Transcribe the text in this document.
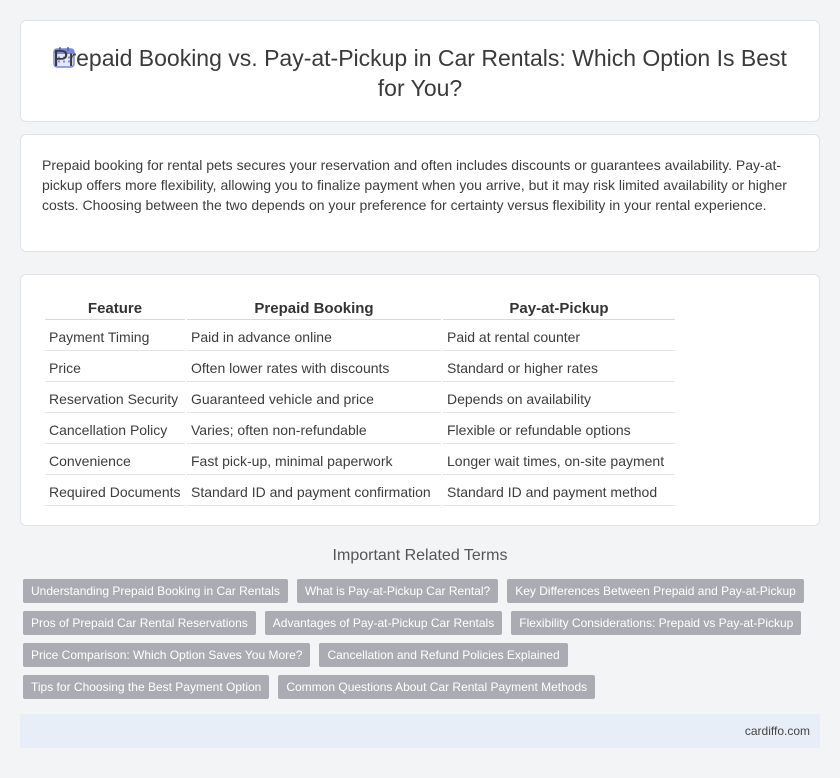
Prepaid Booking vs. Pay-at-Pickup in Car Rentals: Which Option Is Best for You?

Prepaid booking for rental pets secures your reservation and often includes discounts or guarantees availability. Pay-at-pickup offers more flexibility, allowing you to finalize payment when you arrive, but it may risk limited availability or higher costs. Choosing between the two depends on your preference for certainty versus flexibility in your rental experience.

Feature	Prepaid Booking	Pay-at-Pickup
Payment Timing	Paid in advance online	Paid at rental counter
Price	Often lower rates with discounts	Standard or higher rates
Reservation Security	Guaranteed vehicle and price	Depends on availability
Cancellation Policy	Varies; often non-refundable	Flexible or refundable options
Convenience	Fast pick-up, minimal paperwork	Longer wait times, on-site payment
Required Documents	Standard ID and payment confirmation	Standard ID and payment method
Important Related Terms
Understanding Prepaid Booking in Car Rentals	What is Pay-at-Pickup Car Rental?	Key Differences Between Prepaid and Pay-at-Pickup
Pros of Prepaid Car Rental Reservations	Advantages of Pay-at-Pickup Car Rentals	Flexibility Considerations: Prepaid vs Pay-at-Pickup
Price Comparison: Which Option Saves You More?	Cancellation and Refund Policies Explained
Tips for Choosing the Best Payment Option	Common Questions About Car Rental Payment Methods
cardiffo.com
